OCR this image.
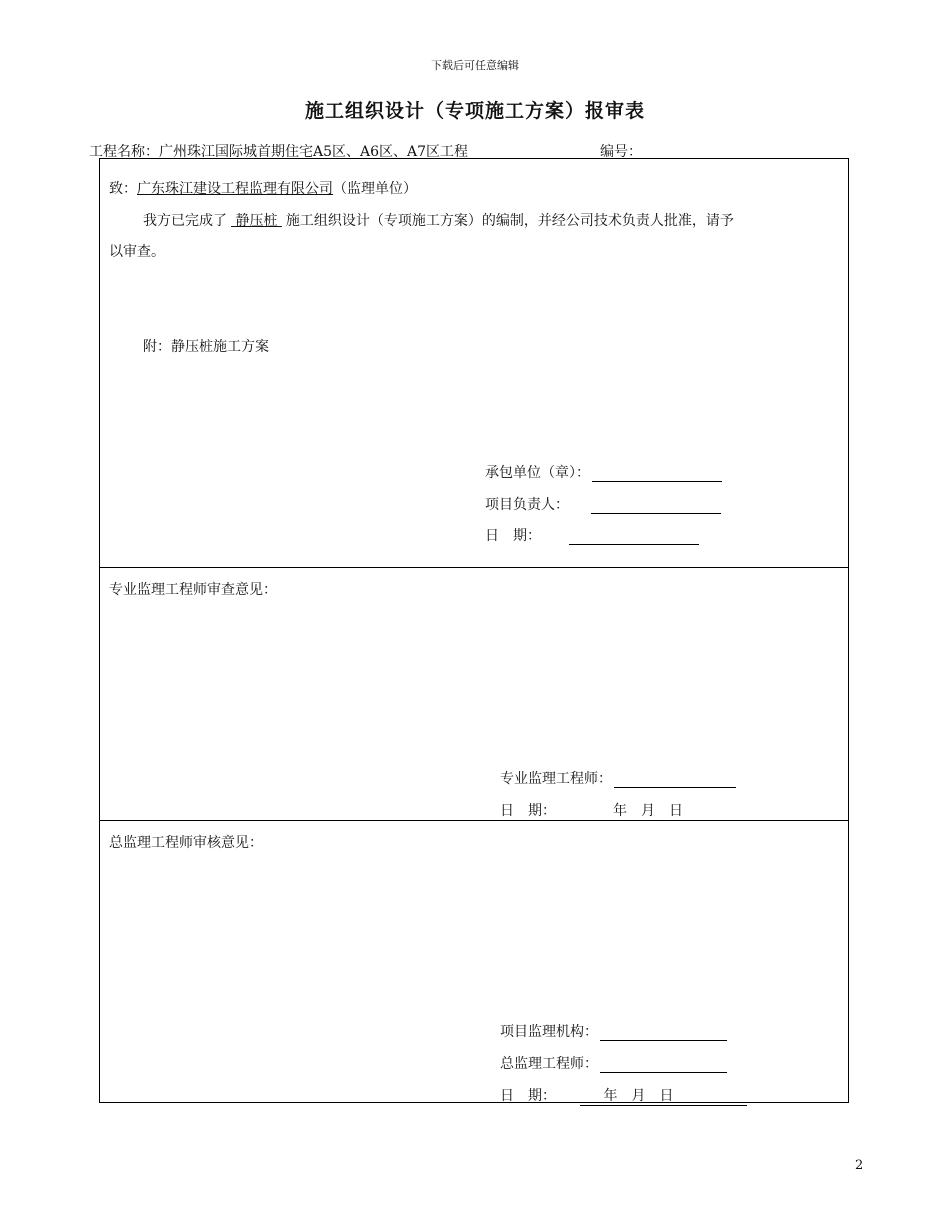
下载后可任意编辑
施工组织设计（专项施工方案）报审表
工程名称：广州珠江国际城首期住宅A5区、A6区、A7区工程	编号：
致：广东珠江建设工程监理有限公司（监理单位）
我方已完成了 静压桩 施工组织设计（专项施工方案）的编制，并经公司技术负责人批准，请予
以审查。
附：静压桩施工方案
承包单位（章）：
项目负责人：
日　期：
专业监理工程师审查意见：
专业监理工程师：
日　期：	年　月　日
总监理工程师审核意见：
项目监理机构：
总监理工程师：
日　期：	年　月　日
2
